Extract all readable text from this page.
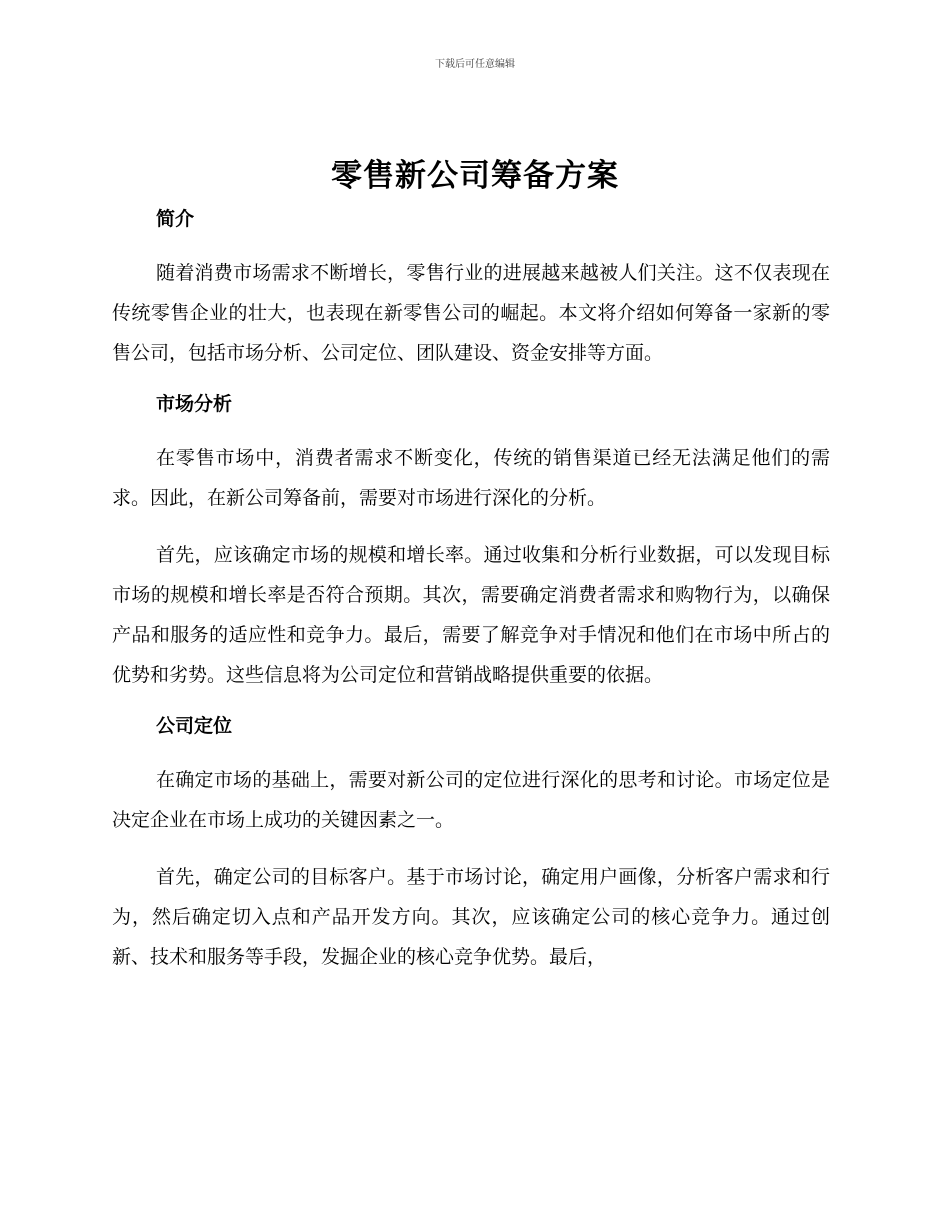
下载后可任意编辑
零售新公司筹备方案
简介

随着消费市场需求不断增长，零售行业的进展越来越被人们关注。这不仅表现在传统零售企业的壮大，也表现在新零售公司的崛起。本文将介绍如何筹备一家新的零售公司，包括市场分析、公司定位、团队建设、资金安排等方面。

市场分析

在零售市场中，消费者需求不断变化，传统的销售渠道已经无法满足他们的需求。因此，在新公司筹备前，需要对市场进行深化的分析。

首先，应该确定市场的规模和增长率。通过收集和分析行业数据，可以发现目标市场的规模和增长率是否符合预期。其次，需要确定消费者需求和购物行为，以确保产品和服务的适应性和竞争力。最后，需要了解竞争对手情况和他们在市场中所占的优势和劣势。这些信息将为公司定位和营销战略提供重要的依据。

公司定位

在确定市场的基础上，需要对新公司的定位进行深化的思考和讨论。市场定位是决定企业在市场上成功的关键因素之一。

首先，确定公司的目标客户。基于市场讨论，确定用户画像，分析客户需求和行为，然后确定切入点和产品开发方向。其次，应该确定公司的核心竞争力。通过创新、技术和服务等手段，发掘企业的核心竞争优势。最后，
